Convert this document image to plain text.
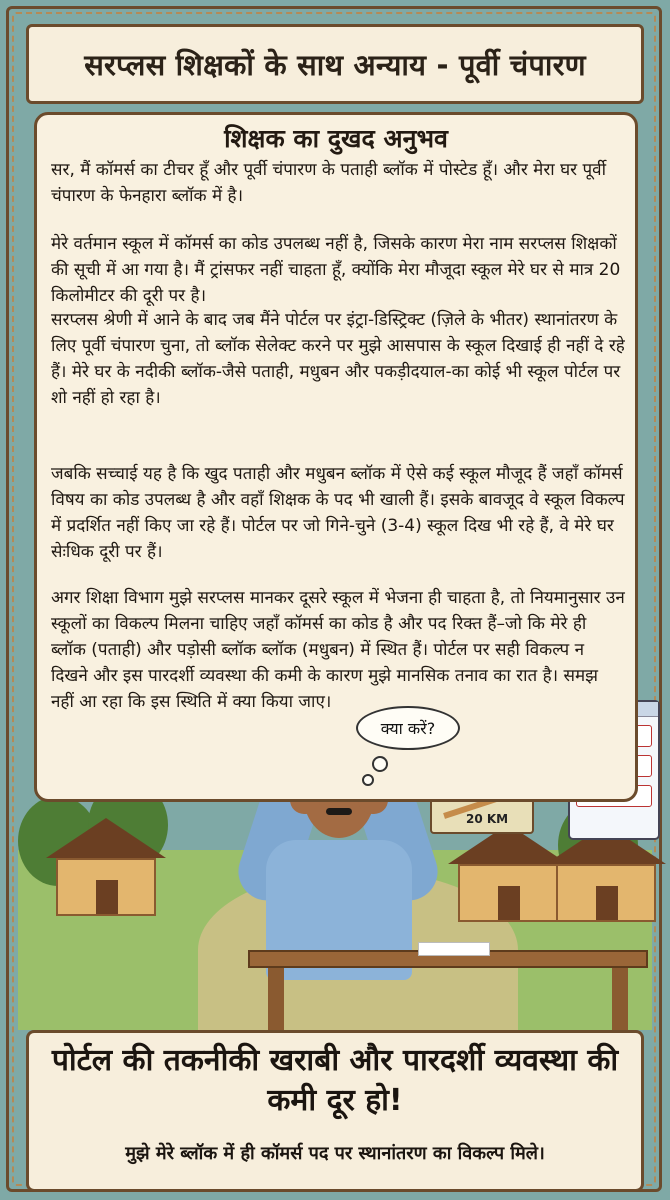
सरप्लस शिक्षकों के साथ अन्याय - पूर्वी चंपारण
20 KM
शिक्षक का दुखद अनुभव

सर, मैं कॉमर्स का टीचर हूँ और पूर्वी चंपारण के पताही ब्लॉक में पोस्टेड हूँ। और मेरा घर पूर्वी चंपारण के फेनहारा ब्लॉक में है।

मेरे वर्तमान स्कूल में कॉमर्स का कोड उपलब्ध नहीं है, जिसके कारण मेरा नाम सरप्लस शिक्षकों की सूची में आ गया है। मैं ट्रांसफर नहीं चाहता हूँ, क्योंकि मेरा मौजूदा स्कूल मेरे घर से मात्र 20 किलोमीटर की दूरी पर है।

सरप्लस श्रेणी में आने के बाद जब मैंने पोर्टल पर इंट्रा-डिस्ट्रिक्ट (ज़िले के भीतर) स्थानांतरण के लिए पूर्वी चंपारण चुना, तो ब्लॉक सेलेक्ट करने पर मुझे आसपास के स्कूल दिखाई ही नहीं दे रहे हैं। मेरे घर के नदीकी ब्लॉक-जैसे पताही, मधुबन और पकड़ीदयाल-का कोई भी स्कूल पोर्टल पर शो नहीं हो रहा है।

जबकि सच्चाई यह है कि खुद पताही और मधुबन ब्लॉक में ऐसे कई स्कूल मौजूद हैं जहाँ कॉमर्स विषय का कोड उपलब्ध है और वहाँ शिक्षक के पद भी खाली हैं। इसके बावजूद वे स्कूल विकल्प में प्रदर्शित नहीं किए जा रहे हैं। पोर्टल पर जो गिने-चुने (3-4) स्कूल दिख भी रहे हैं, वे मेरे घर सेःधिक दूरी पर हैं।

अगर शिक्षा विभाग मुझे सरप्लस मानकर दूसरे स्कूल में भेजना ही चाहता है, तो नियमानुसार उन स्कूलों का विकल्प मिलना चाहिए जहाँ कॉमर्स का कोड है और पद रिक्त हैं–जो कि मेरे ही ब्लॉक (पताही) और पड़ोसी ब्लॉक ब्लॉक (मधुबन) में स्थित हैं। पोर्टल पर सही विकल्प न दिखने और इस पारदर्शी व्यवस्था की कमी के कारण मुझे मानसिक तनाव का रात है। समझ नहीं आ रहा कि इस स्थिति में क्या किया जाए।

क्या करें?
पोर्टल की तकनीकी खराबी और पारदर्शी व्यवस्था की कमी दूर हो!
मुझे मेरे ब्लॉक में ही कॉमर्स पद पर स्थानांतरण का विकल्प मिले।
